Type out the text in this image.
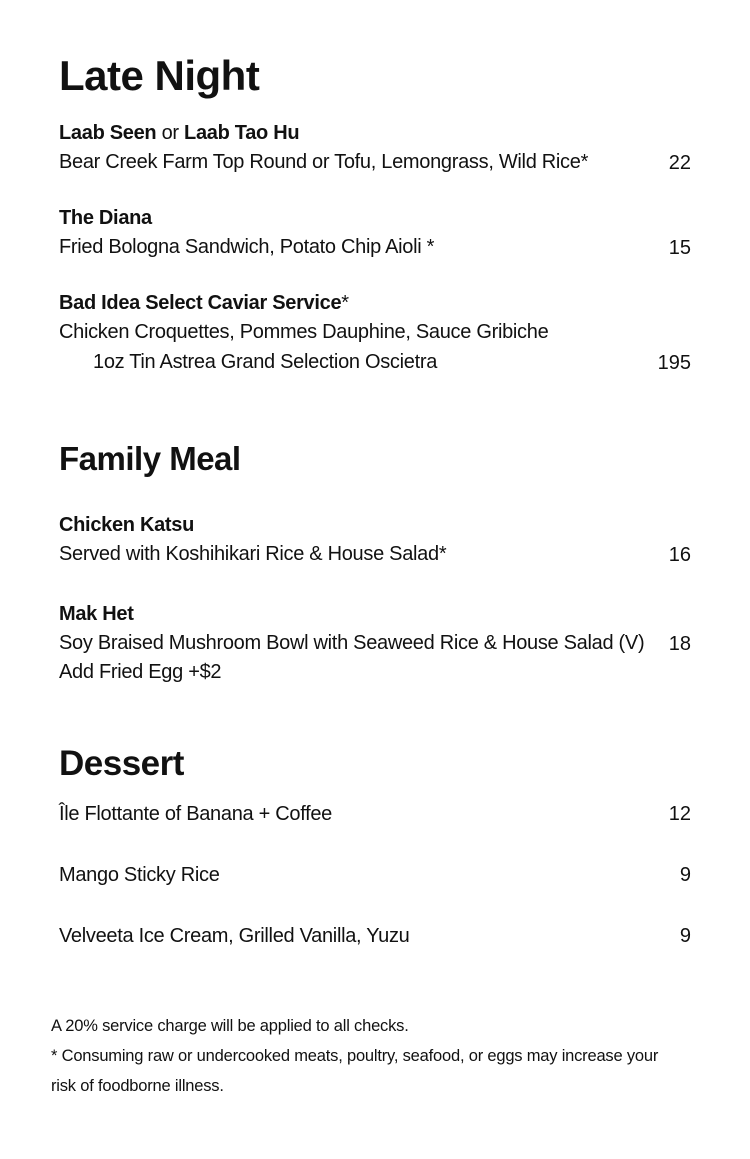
Late Night
Laab Seen or Laab Tao Hu
Bear Creek Farm Top Round or Tofu, Lemongrass, Wild Rice*	22
The Diana
Fried Bologna Sandwich, Potato Chip Aioli *	15
Bad Idea Select Caviar Service*
Chicken Croquettes, Pommes Dauphine, Sauce Gribiche
1oz Tin Astrea Grand Selection Oscietra	195
Family Meal
Chicken Katsu
Served with Koshihikari Rice & House Salad*	16
Mak Het
Soy Braised Mushroom Bowl with Seaweed Rice & House Salad (V) 18
Add Fried Egg +$2
Dessert
Île Flottante of Banana + Coffee	12
Mango Sticky Rice	9
Velveeta Ice Cream, Grilled Vanilla, Yuzu	9
A 20% service charge will be applied to all checks.
* Consuming raw or undercooked meats, poultry, seafood, or eggs may increase your
risk of foodborne illness.
